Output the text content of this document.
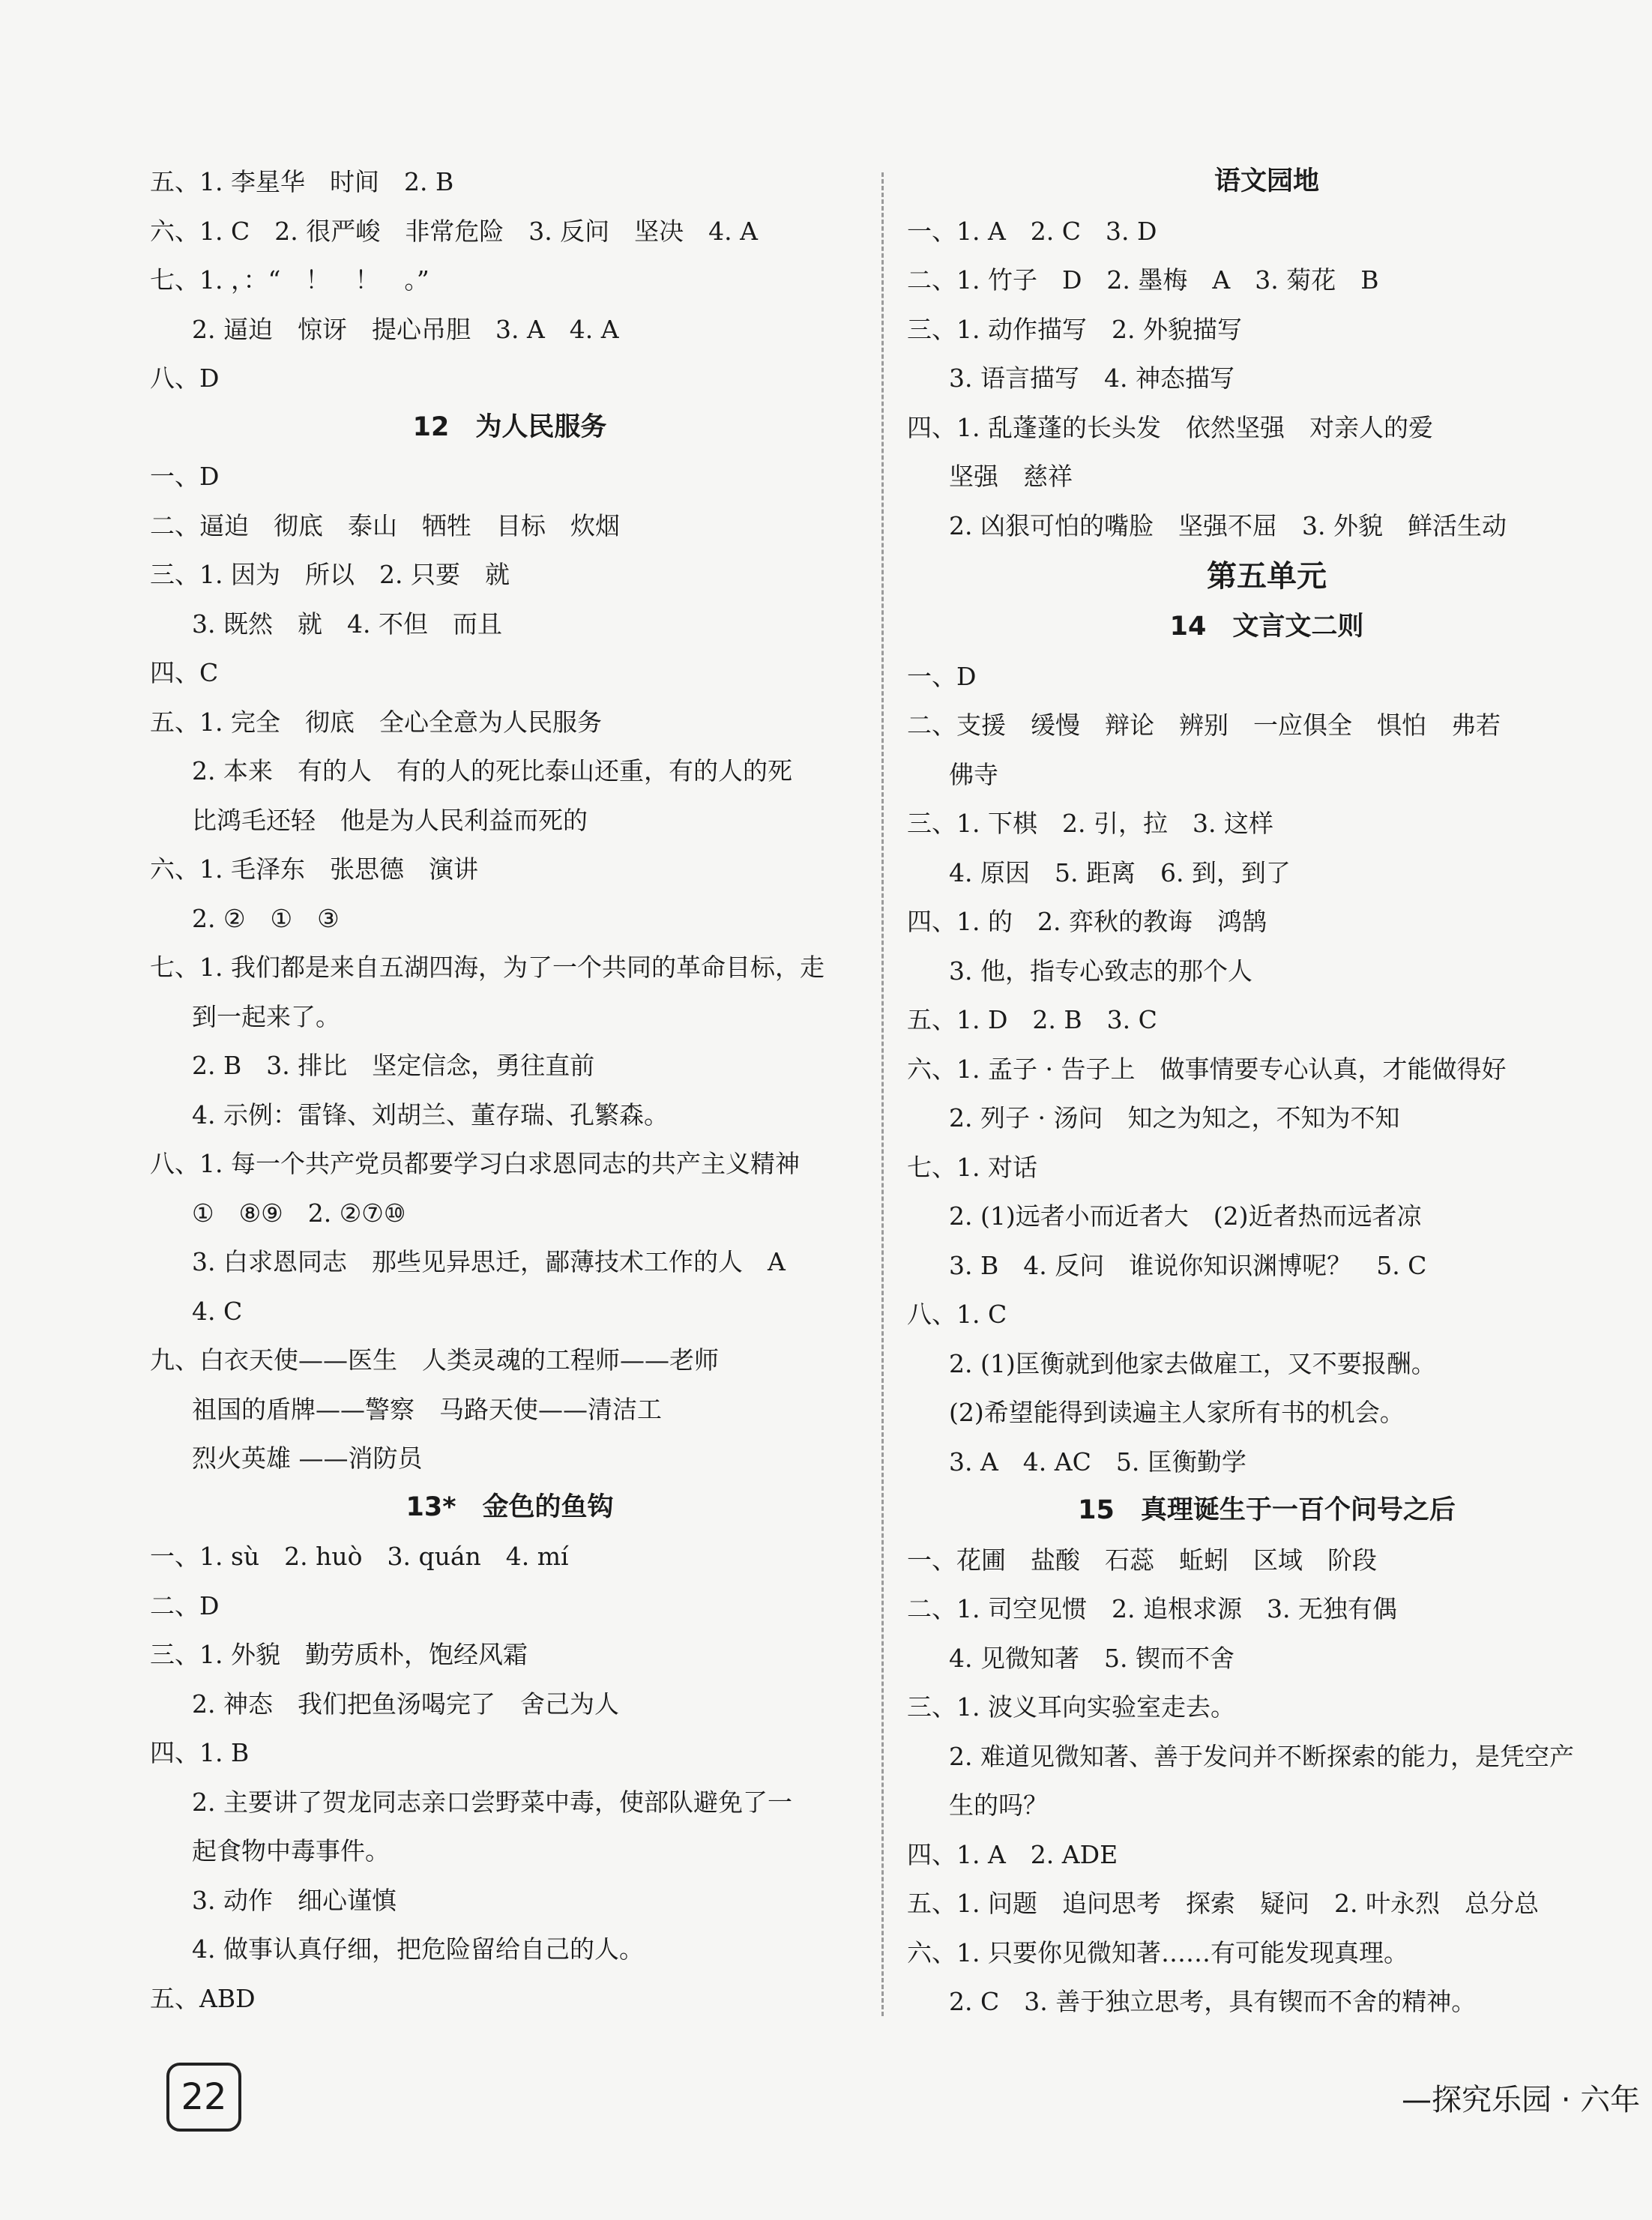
五、1. 李星华　时间　2. B
六、1. C　2. 很严峻　非常危险　3. 反问　坚决　4. A
七、1. ，：“　！　！　。”
2. 逼迫　惊讶　提心吊胆　3. A　4. A
八、D
12　为人民服务
一、D
二、逼迫　彻底　泰山　牺牲　目标　炊烟
三、1. 因为　所以　2. 只要　就
3. 既然　就　4. 不但　而且
四、C
五、1. 完全　彻底　全心全意为人民服务
2. 本来　有的人　有的人的死比泰山还重，有的人的死
比鸿毛还轻　他是为人民利益而死的
六、1. 毛泽东　张思德　演讲
2. ②　①　③
七、1. 我们都是来自五湖四海，为了一个共同的革命目标，走
到一起来了。
2. B　3. 排比　坚定信念，勇往直前
4. 示例：雷锋、刘胡兰、董存瑞、孔繁森。
八、1. 每一个共产党员都要学习白求恩同志的共产主义精神
①　⑧⑨　2. ②⑦⑩
3. 白求恩同志　那些见异思迁，鄙薄技术工作的人　A
4. C
九、白衣天使——医生　人类灵魂的工程师——老师
祖国的盾牌——警察　马路天使——清洁工
烈火英雄 ——消防员
13*　金色的鱼钩
一、1. sù　2. huò　3. quán　4. mí
二、D
三、1. 外貌　勤劳质朴，饱经风霜
2. 神态　我们把鱼汤喝完了　舍己为人
四、1. B
2. 主要讲了贺龙同志亲口尝野菜中毒，使部队避免了一
起食物中毒事件。
3. 动作　细心谨慎
4. 做事认真仔细，把危险留给自己的人。
五、ABD
语文园地
一、1. A　2. C　3. D
二、1. 竹子　D　2. 墨梅　A　3. 菊花　B
三、1. 动作描写　2. 外貌描写
3. 语言描写　4. 神态描写
四、1. 乱蓬蓬的长头发　依然坚强　对亲人的爱
坚强　慈祥
2. 凶狠可怕的嘴脸　坚强不屈　3. 外貌　鲜活生动
第五单元
14　文言文二则
一、D
二、支援　缓慢　辩论　辨别　一应俱全　惧怕　弗若
佛寺
三、1. 下棋　2. 引，拉　3. 这样
4. 原因　5. 距离　6. 到，到了
四、1. 的　2. 弈秋的教诲　鸿鹄
3. 他，指专心致志的那个人
五、1. D　2. B　3. C
六、1. 孟子 · 告子上　做事情要专心认真，才能做得好
2. 列子 · 汤问　知之为知之，不知为不知
七、1. 对话
2. (1)远者小而近者大　(2)近者热而远者凉
3. B　4. 反问　谁说你知识渊博呢？　5. C
八、1. C
2. (1)匡衡就到他家去做雇工，又不要报酬。
(2)希望能得到读遍主人家所有书的机会。
3. A　4. AC　5. 匡衡勤学
15　真理诞生于一百个问号之后
一、花圃　盐酸　石蕊　蚯蚓　区域　阶段
二、1. 司空见惯　2. 追根求源　3. 无独有偶
4. 见微知著　5. 锲而不舍
三、1. 波义耳向实验室走去。
2. 难道见微知著、善于发问并不断探索的能力，是凭空产
生的吗？
四、1. A　2. ADE
五、1. 问题　追问思考　探索　疑问　2. 叶永烈　总分总
六、1. 只要你见微知著……有可能发现真理。
2. C　3. 善于独立思考，具有锲而不舍的精神。
22	—探究乐园 · 六年
